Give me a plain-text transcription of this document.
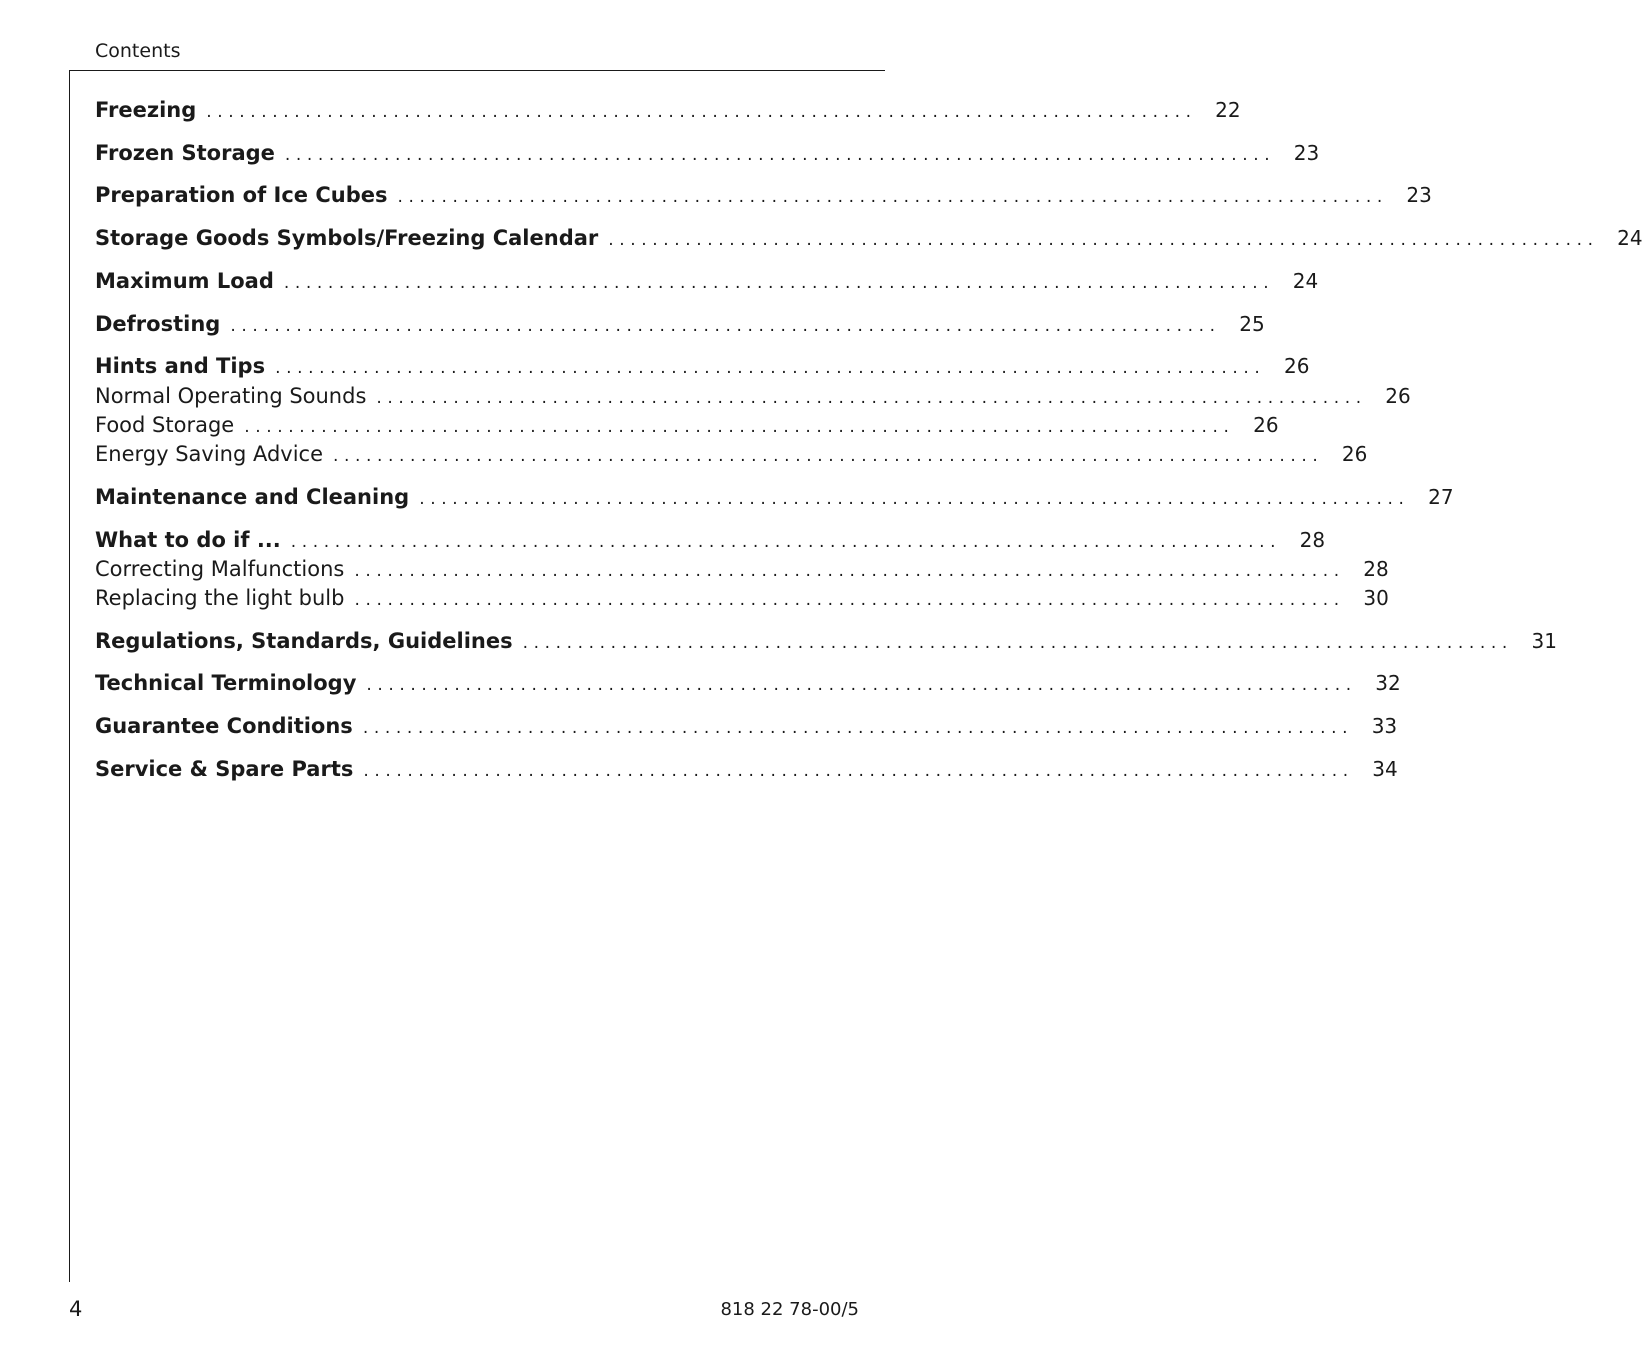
Contents
Freezing .......................................................................................... 22
Frozen Storage .......................................................................................... 23
Preparation of Ice Cubes .......................................................................................... 23
Storage Goods Symbols/Freezing Calendar .......................................................................................... 24
Maximum Load .......................................................................................... 24
Defrosting .......................................................................................... 25
Hints and Tips .......................................................................................... 26
Normal Operating Sounds .......................................................................................... 26
Food Storage .......................................................................................... 26
Energy Saving Advice .......................................................................................... 26
Maintenance and Cleaning .......................................................................................... 27
What to do if ... .......................................................................................... 28
Correcting Malfunctions .......................................................................................... 28
Replacing the light bulb .......................................................................................... 30
Regulations, Standards, Guidelines .......................................................................................... 31
Technical Terminology .......................................................................................... 32
Guarantee Conditions .......................................................................................... 33
Service & Spare Parts .......................................................................................... 34
4	818 22 78-00/5
